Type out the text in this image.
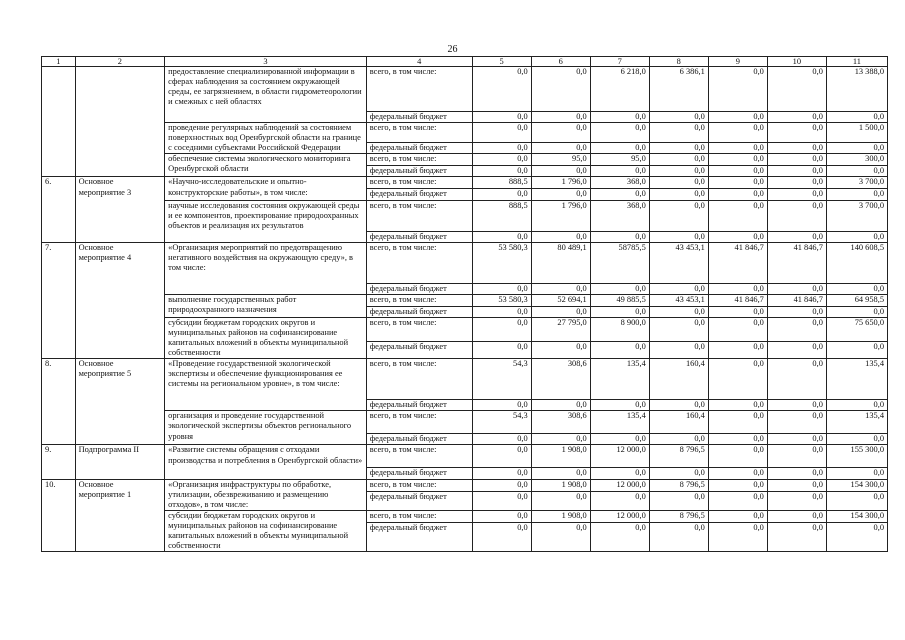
26
1	2	3	4	5	6	7	8	9	10	11
		предоставление специализированной информации в сферах наблюдения за состоянием окружающей среды, ее загрязнением, в области гидрометеорологии и смежных с ней областях	всего, в том числе:	0,0	0,0	6 218,0	6 386,1	0,0	0,0	13 388,0
			федеральный бюджет	0,0	0,0	0,0	0,0	0,0	0,0	0,0
		проведение регулярных наблюдений за состоянием поверхностных вод Оренбургской области на границе с соседними субъектами Российской Федерации	всего, в том числе:	0,0	0,0	0,0	0,0	0,0	0,0	1 500,0
			федеральный бюджет	0,0	0,0	0,0	0,0	0,0	0,0	0,0
		обеспечение системы экологического мониторинга Оренбургской области	всего, в том числе:	0,0	95,0	95,0	0,0	0,0	0,0	300,0
			федеральный бюджет	0,0	0,0	0,0	0,0	0,0	0,0	0,0
6.	Основное мероприятие 3	«Научно-исследовательские и опытно-конструкторские работы», в том числе:	всего, в том числе:	888,5	1 796,0	368,0	0,0	0,0	0,0	3 700,0
			федеральный бюджет	0,0	0,0	0,0	0,0	0,0	0,0	0,0
		научные исследования состояния окружающей среды и ее компонентов, проектирование природоохранных объектов и реализация их результатов	всего, в том числе:	888,5	1 796,0	368,0	0,0	0,0	0,0	3 700,0
			федеральный бюджет	0,0	0,0	0,0	0,0	0,0	0,0	0,0
7.	Основное мероприятие 4	«Организация мероприятий по предотвращению негативного воздействия на окружающую среду», в том числе:	всего, в том числе:	53 580,3	80 489,1	58785,5	43 453,1	41 846,7	41 846,7	140 608,5
			федеральный бюджет	0,0	0,0	0,0	0,0	0,0	0,0	0,0
		выполнение государственных работ природоохранного назначения	всего, в том числе:	53 580,3	52 694,1	49 885,5	43 453,1	41 846,7	41 846,7	64 958,5
			федеральный бюджет	0,0	0,0	0,0	0,0	0,0	0,0	0,0
		субсидии бюджетам городских округов и муниципальных районов на софинансирование капитальных вложений в объекты муниципальной собственности	всего, в том числе:	0,0	27 795,0	8 900,0	0,0	0,0	0,0	75 650,0
			федеральный бюджет	0,0	0,0	0,0	0,0	0,0	0,0	0,0
8.	Основное мероприятие 5	«Проведение государственной экологической экспертизы и обеспечение функционирования ее системы на региональном уровне», в том числе:	всего, в том числе:	54,3	308,6	135,4	160,4	0,0	0,0	135,4
			федеральный бюджет	0,0	0,0	0,0	0,0	0,0	0,0	0,0
		организация и проведение государственной экологической экспертизы объектов регионального уровня	всего, в том числе:	54,3	308,6	135,4	160,4	0,0	0,0	135,4
			федеральный бюджет	0,0	0,0	0,0	0,0	0,0	0,0	0,0
9.	Подпрограмма II	«Развитие системы обращения с отходами производства и потребления в Оренбургской области»	всего, в том числе:	0,0	1 908,0	12 000,0	8 796,5	0,0	0,0	155 300,0
			федеральный бюджет	0,0	0,0	0,0	0,0	0,0	0,0	0,0
10.	Основное мероприятие 1	«Организация инфраструктуры по обработке, утилизации, обезвреживанию и размещению отходов», в том числе:	всего, в том числе:	0,0	1 908,0	12 000,0	8 796,5	0,0	0,0	154 300,0
			федеральный бюджет	0,0	0,0	0,0	0,0	0,0	0,0	0,0
		субсидии бюджетам городских округов и муниципальных районов на софинансирование капитальных вложений в объекты муниципальной собственности	всего, в том числе:	0,0	1 908,0	12 000,0	8 796,5	0,0	0,0	154 300,0
			федеральный бюджет	0,0	0,0	0,0	0,0	0,0	0,0	0,0
